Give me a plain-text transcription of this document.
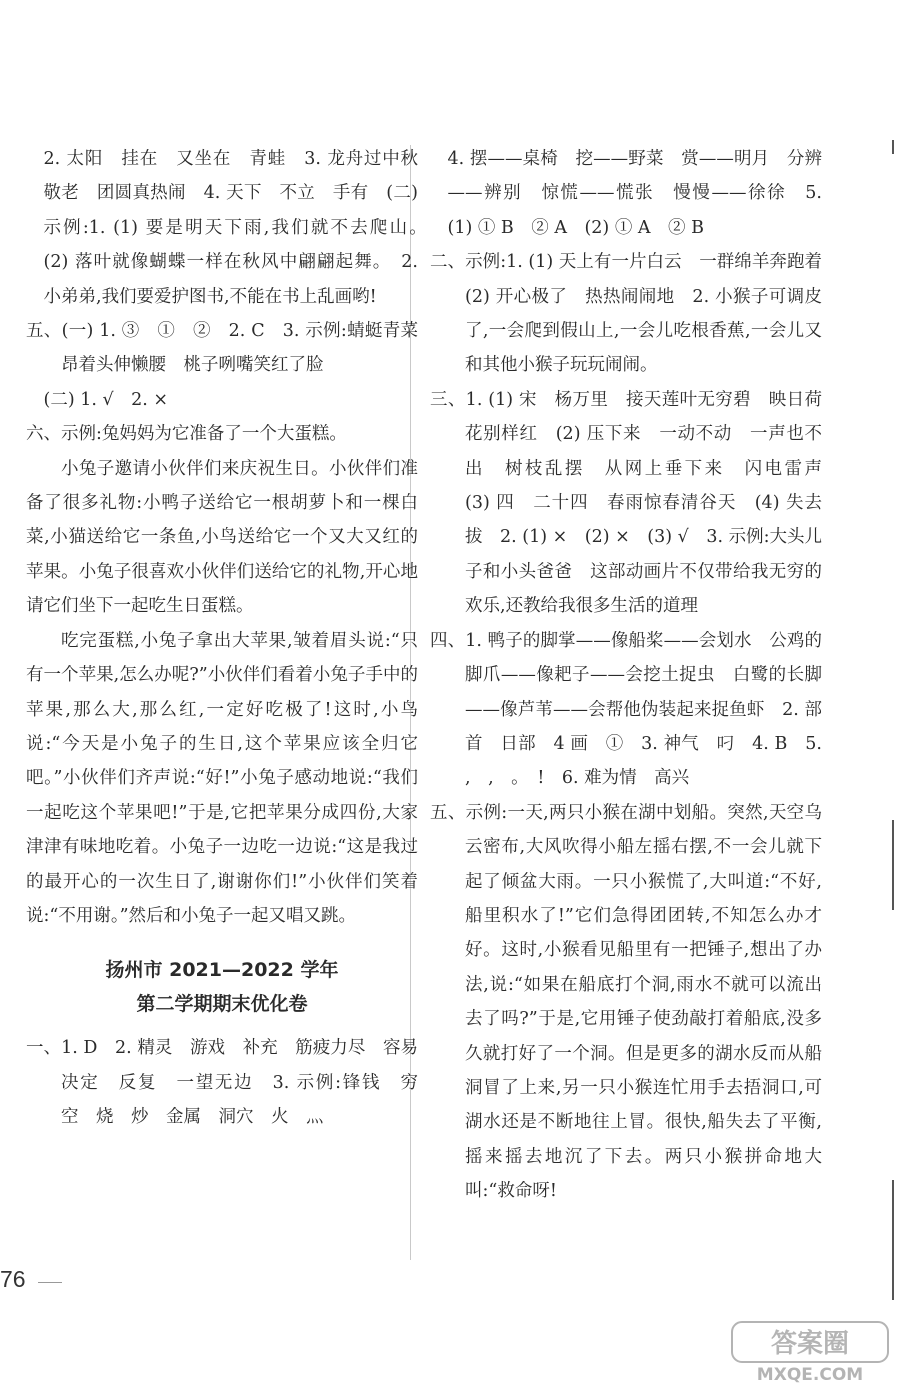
2. 太阳　挂在　又坐在　青蛙　3. 龙舟过中秋　敬老　团圆真热闹　4. 天下　不立　手有　(二) 示例:1. (1) 要是明天下雨,我们就不去爬山。　(2) 落叶就像蝴蝶一样在秋风中翩翩起舞。　2. 小弟弟,我们要爱护图书,不能在书上乱画哟!

五、(一) 1. ③　①　②　2. C　3. 示例:蜻蜓青菜昂着头伸懒腰　桃子咧嘴笑红了脸

(二) 1. √　2. ×

六、示例:兔妈妈为它准备了一个大蛋糕。

小兔子邀请小伙伴们来庆祝生日。小伙伴们准备了很多礼物:小鸭子送给它一根胡萝卜和一棵白菜,小猫送给它一条鱼,小鸟送给它一个又大又红的苹果。小兔子很喜欢小伙伴们送给它的礼物,开心地请它们坐下一起吃生日蛋糕。

吃完蛋糕,小兔子拿出大苹果,皱着眉头说:“只有一个苹果,怎么办呢?”小伙伴们看着小兔子手中的苹果,那么大,那么红,一定好吃极了!这时,小鸟说:“今天是小兔子的生日,这个苹果应该全归它吧。”小伙伴们齐声说:“好!”小兔子感动地说:“我们一起吃这个苹果吧!”于是,它把苹果分成四份,大家津津有味地吃着。小兔子一边吃一边说:“这是我过的最开心的一次生日了,谢谢你们!”小伙伴们笑着说:“不用谢。”然后和小兔子一起又唱又跳。

扬州市 2021—2022 学年
第二学期期末优化卷

一、1. D　2. 精灵　游戏　补充　筋疲力尽　容易　决定　反复　一望无边　3. 示例:锋钱　穷　空　烧　炒　金属　洞穴　火　灬

4. 摆——桌椅　挖——野菜　赏——明月　分辨——辨别　惊慌——慌张　慢慢——徐徐　5. (1) ① B　② A　(2) ① A　② B

二、示例:1. (1) 天上有一片白云　一群绵羊奔跑着　(2) 开心极了　热热闹闹地　2. 小猴子可调皮了,一会爬到假山上,一会儿吃根香蕉,一会儿又和其他小猴子玩玩闹闹。

三、1. (1) 宋　杨万里　接天莲叶无穷碧　映日荷花别样红　(2) 压下来　一动不动　一声也不出　树枝乱摆　从网上垂下来　闪电雷声　(3) 四　二十四　春雨惊春清谷天　(4) 失去　拔　2. (1) ×　(2) ×　(3) √　3. 示例:大头儿子和小头爸爸　这部动画片不仅带给我无穷的欢乐,还教给我很多生活的道理

四、1. 鸭子的脚掌——像船桨——会划水　公鸡的脚爪——像耙子——会挖土捉虫　白鹭的长脚——像芦苇——会帮他伪装起来捉鱼虾　2. 部首　日部　4 画　①　3. 神气　叼　4. B　5. ,　,　。　!　6. 难为情　高兴

五、示例:一天,两只小猴在湖中划船。突然,天空乌云密布,大风吹得小船左摇右摆,不一会儿就下起了倾盆大雨。一只小猴慌了,大叫道:“不好,船里积水了!”它们急得团团转,不知怎么办才好。这时,小猴看见船里有一把锤子,想出了办法,说:“如果在船底打个洞,雨水不就可以流出去了吗?”于是,它用锤子使劲敲打着船底,没多久就打好了一个洞。但是更多的湖水反而从船洞冒了上来,另一只小猴连忙用手去捂洞口,可湖水还是不断地往上冒。很快,船失去了平衡,摇来摇去地沉了下去。两只小猴拼命地大叫:“救命呀!

76
答案圈
MXQE.COM
